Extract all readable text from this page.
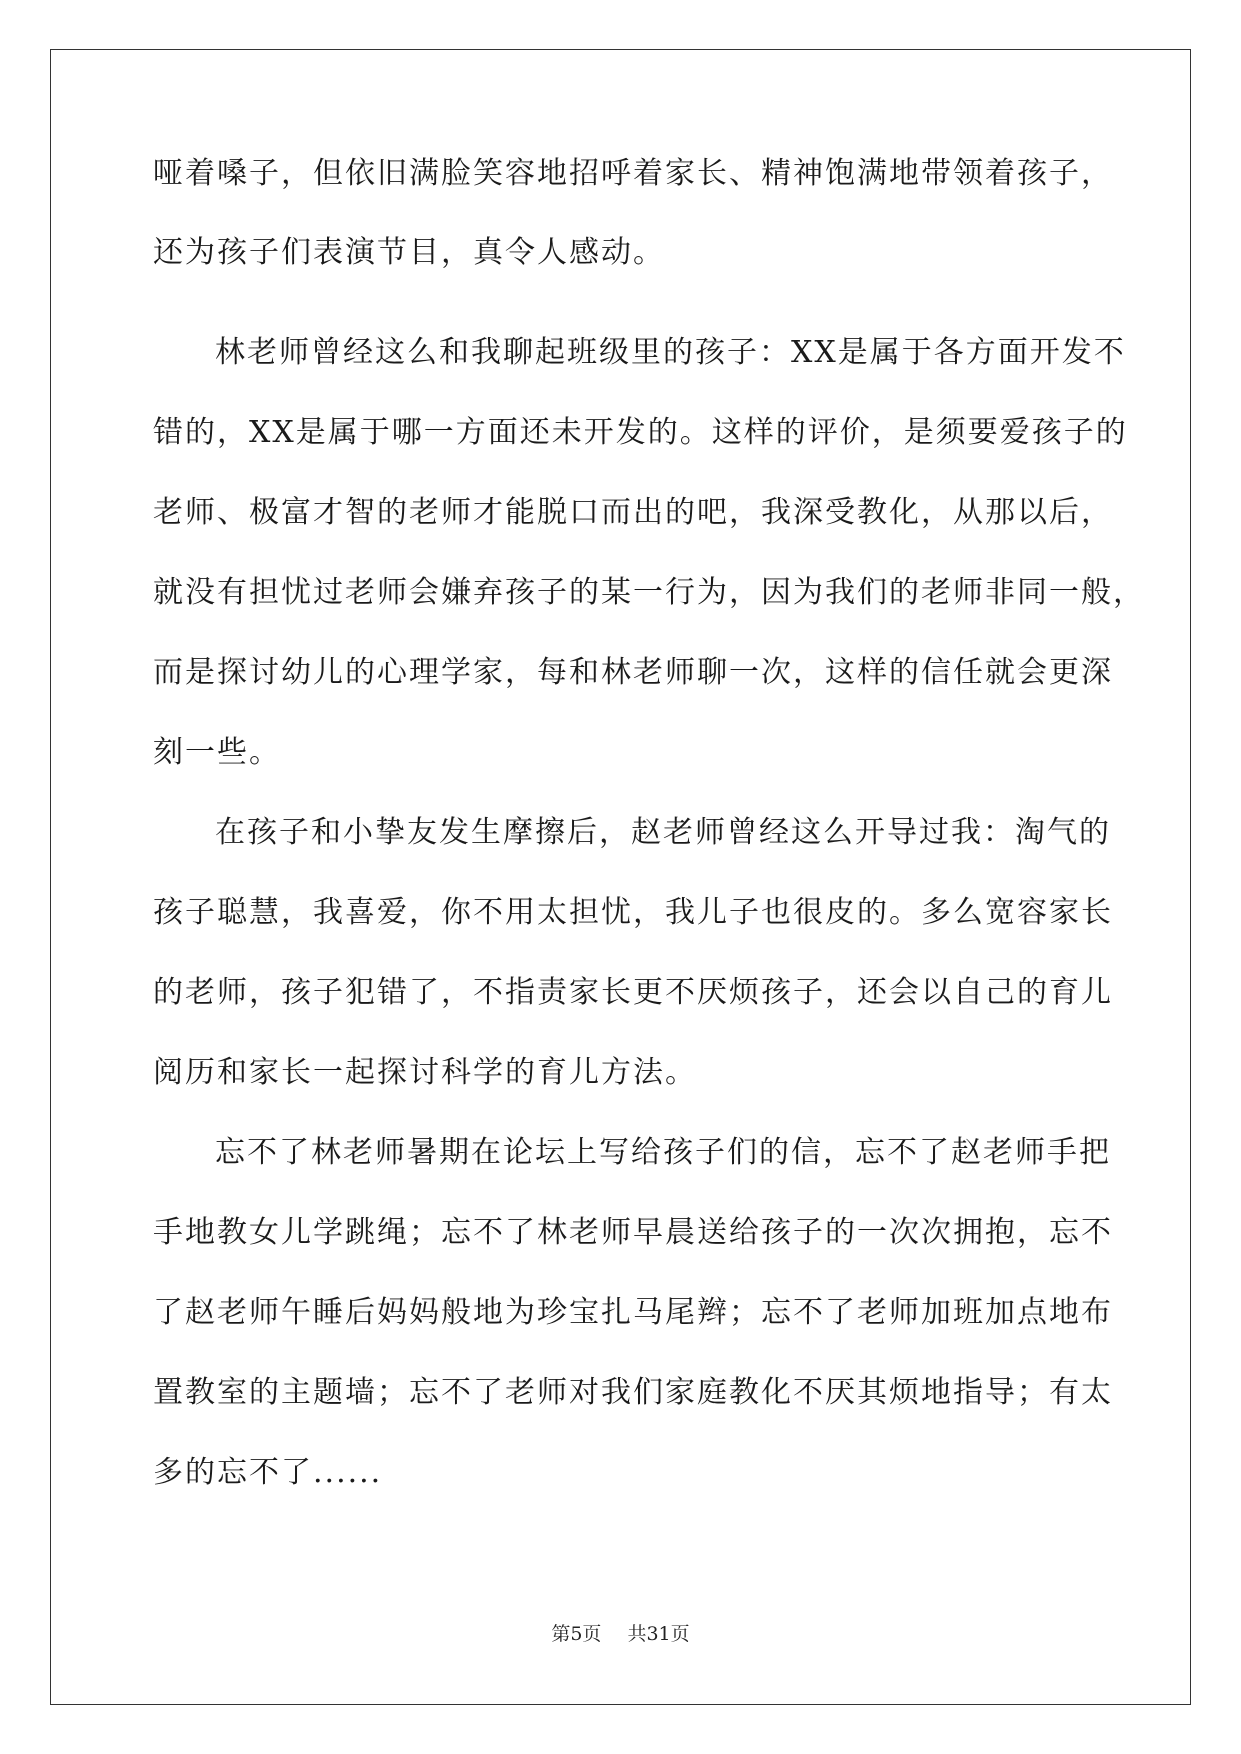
哑着嗓子，但依旧满脸笑容地招呼着家长、精神饱满地带领着孩子，
还为孩子们表演节目，真令人感动。
林老师曾经这么和我聊起班级里的孩子：XX是属于各方面开发不
错的，XX是属于哪一方面还未开发的。这样的评价，是须要爱孩子的
老师、极富才智的老师才能脱口而出的吧，我深受教化，从那以后，
就没有担忧过老师会嫌弃孩子的某一行为，因为我们的老师非同一般，
而是探讨幼儿的心理学家，每和林老师聊一次，这样的信任就会更深
刻一些。
在孩子和小挚友发生摩擦后，赵老师曾经这么开导过我：淘气的
孩子聪慧，我喜爱，你不用太担忧，我儿子也很皮的。多么宽容家长
的老师，孩子犯错了，不指责家长更不厌烦孩子，还会以自己的育儿
阅历和家长一起探讨科学的育儿方法。
忘不了林老师暑期在论坛上写给孩子们的信，忘不了赵老师手把
手地教女儿学跳绳；忘不了林老师早晨送给孩子的一次次拥抱，忘不
了赵老师午睡后妈妈般地为珍宝扎马尾辫；忘不了老师加班加点地布
置教室的主题墙；忘不了老师对我们家庭教化不厌其烦地指导；有太
多的忘不了......
第5页 共31页
